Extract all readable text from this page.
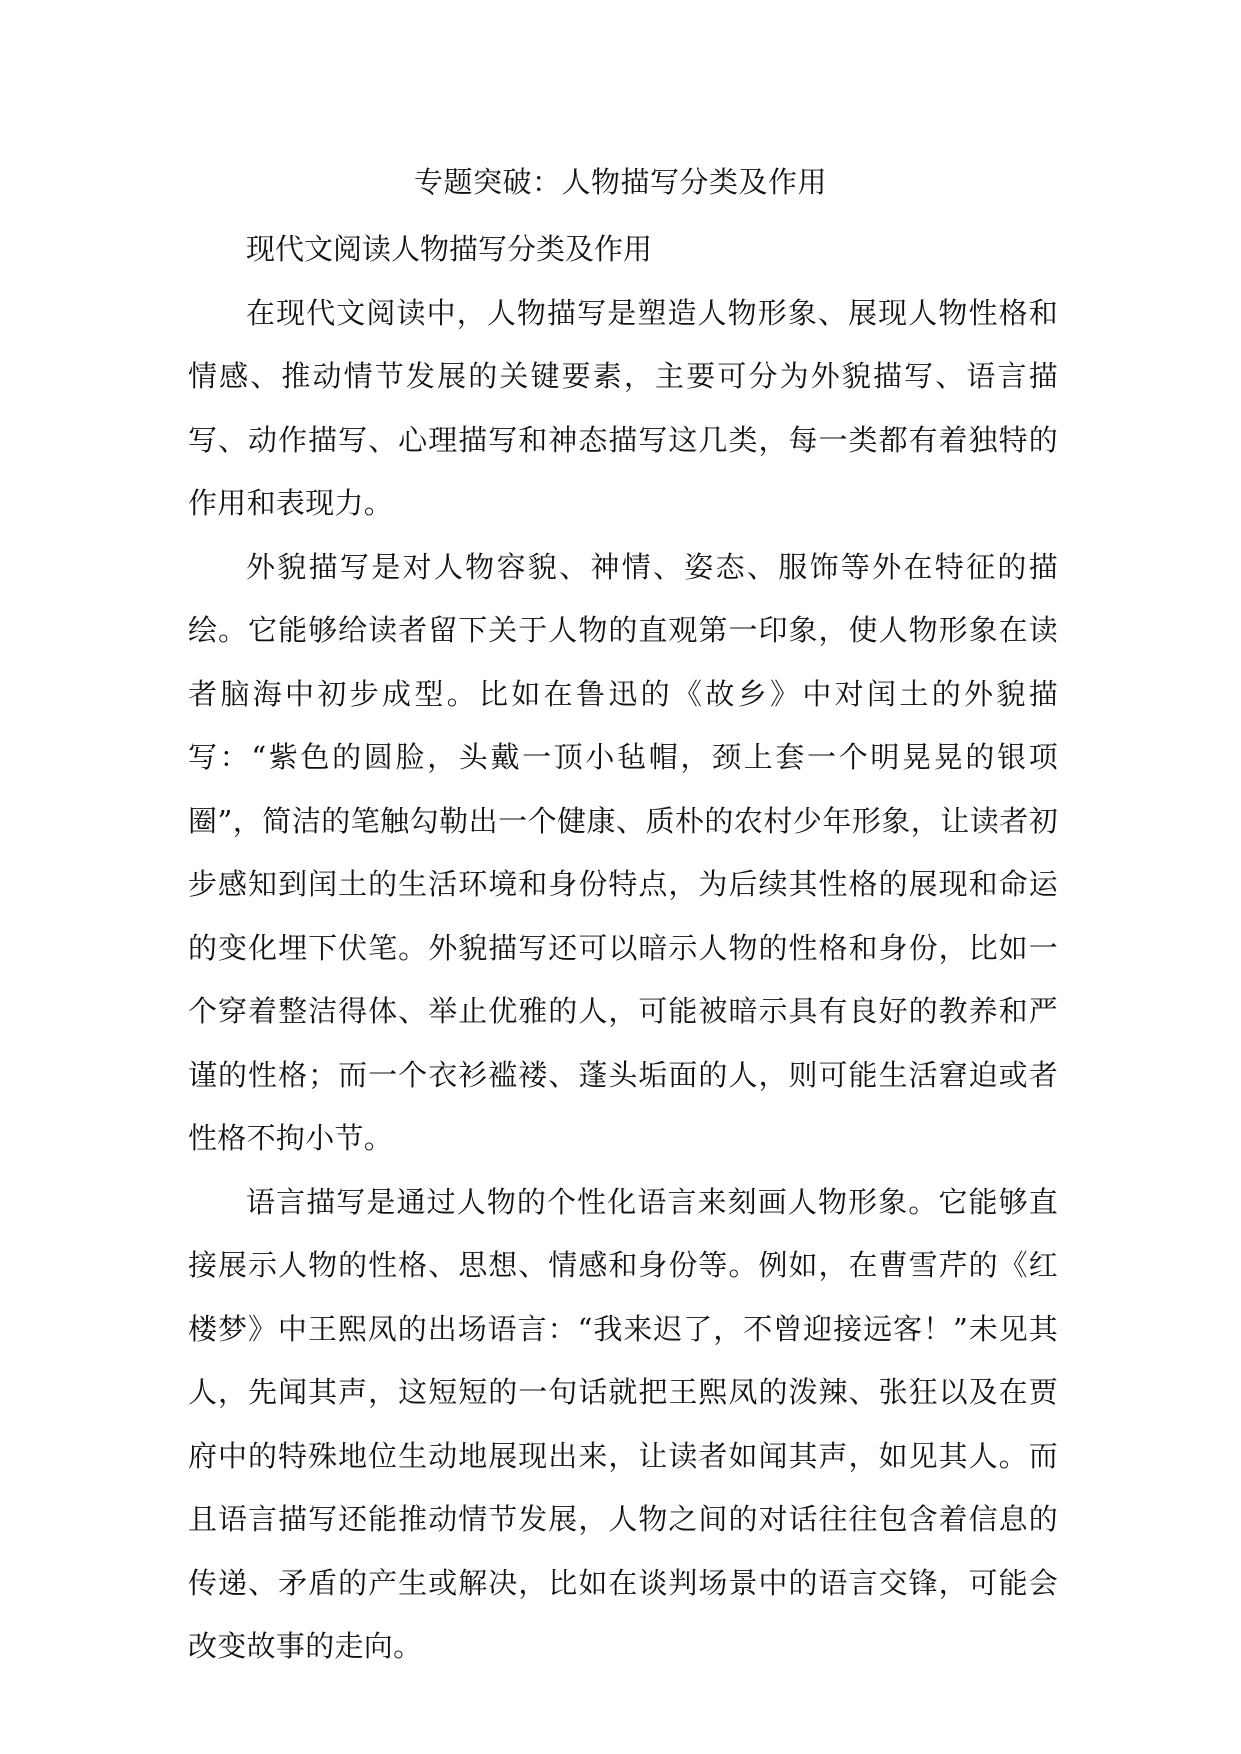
专题突破：人物描写分类及作用

现代文阅读人物描写分类及作用

在现代文阅读中，人物描写是塑造人物形象、展现人物性格和情感、推动情节发展的关键要素，主要可分为外貌描写、语言描写、动作描写、心理描写和神态描写这几类，每一类都有着独特的作用和表现力。

外貌描写是对人物容貌、神情、姿态、服饰等外在特征的描绘。它能够给读者留下关于人物的直观第一印象，使人物形象在读者脑海中初步成型。比如在鲁迅的《故乡》中对闰土的外貌描写：“紫色的圆脸，头戴一顶小毡帽，颈上套一个明晃晃的银项圈”，简洁的笔触勾勒出一个健康、质朴的农村少年形象，让读者初步感知到闰土的生活环境和身份特点，为后续其性格的展现和命运的变化埋下伏笔。外貌描写还可以暗示人物的性格和身份，比如一个穿着整洁得体、举止优雅的人，可能被暗示具有良好的教养和严谨的性格；而一个衣衫褴褛、蓬头垢面的人，则可能生活窘迫或者性格不拘小节。

语言描写是通过人物的个性化语言来刻画人物形象。它能够直接展示人物的性格、思想、情感和身份等。例如，在曹雪芹的《红楼梦》中王熙凤的出场语言：“我来迟了，不曾迎接远客！”未见其人，先闻其声，这短短的一句话就把王熙凤的泼辣、张狂以及在贾府中的特殊地位生动地展现出来，让读者如闻其声，如见其人。而且语言描写还能推动情节发展，人物之间的对话往往包含着信息的传递、矛盾的产生或解决，比如在谈判场景中的语言交锋，可能会改变故事的走向。
